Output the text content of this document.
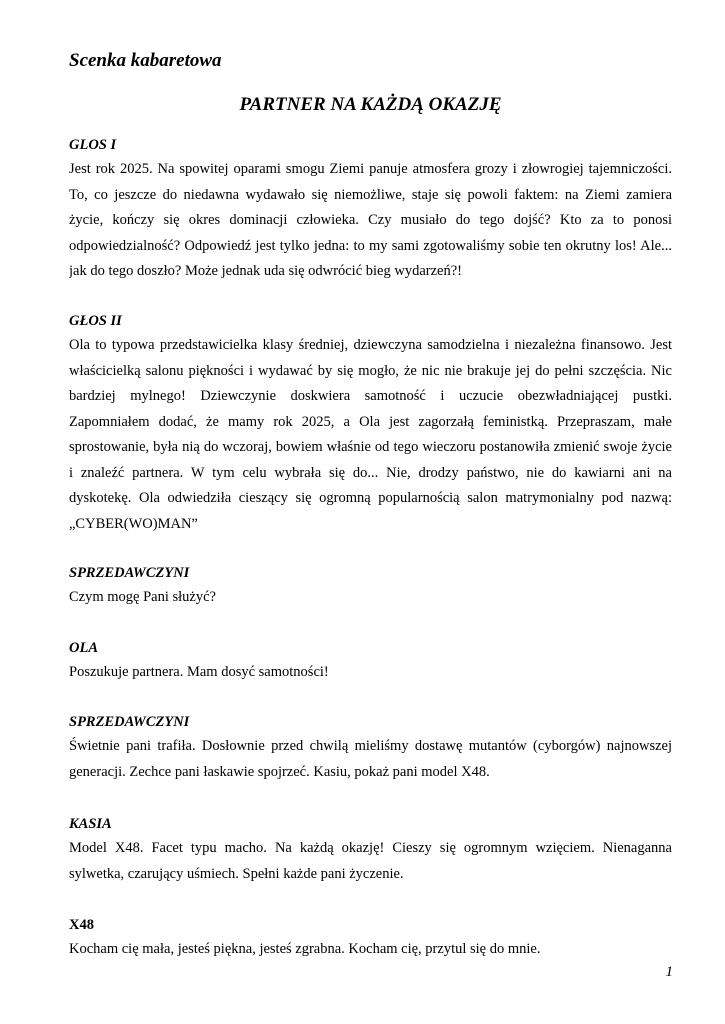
Scenka kabaretowa
PARTNER NA KAŻDĄ OKAZJĘ

GLOS I

Jest rok 2025. Na spowitej oparami smogu Ziemi panuje atmosfera grozy i złowrogiej tajemniczości.
To, co jeszcze do niedawna wydawało się niemożliwe, staje się powoli faktem: na Ziemi zamiera
życie, kończy się okres dominacji człowieka. Czy musiało do tego dojść? Kto za to ponosi
odpowiedzialność? Odpowiedź jest tylko jedna: to my sami zgotowaliśmy sobie ten okrutny los! Ale...
jak do tego doszło? Może jednak uda się odwrócić bieg wydarzeń?!

GŁOS II

Ola to typowa przedstawicielka klasy średniej, dziewczyna samodzielna i niezależna finansowo. Jest
właścicielką salonu piękności i wydawać by się mogło, że nic nie brakuje jej do pełni szczęścia. Nic
bardziej mylnego! Dziewczynie doskwiera samotność i uczucie obezwładniającej pustki.
Zapomniałem dodać, że mamy rok 2025, a Ola jest zagorzałą feministką. Przepraszam, małe
sprostowanie, była nią do wczoraj, bowiem właśnie od tego wieczoru postanowiła zmienić swoje życie
i znaleźć partnera. W tym celu wybrała się do... Nie, drodzy państwo, nie do kawiarni ani na
dyskotekę. Ola odwiedziła cieszący się ogromną popularnością salon matrymonialny pod nazwą:
„CYBER(WO)MAN”

SPRZEDAWCZYNI

Czym mogę Pani służyć?

OLA

Poszukuje partnera. Mam dosyć samotności!

SPRZEDAWCZYNI

Świetnie pani trafiła. Dosłownie przed chwilą mieliśmy dostawę mutantów (cyborgów) najnowszej
generacji. Zechce pani łaskawie spojrzeć. Kasiu, pokaż pani model X48.

KASIA

Model X48. Facet typu macho. Na każdą okazję! Cieszy się ogromnym wzięciem. Nienaganna
sylwetka, czarujący uśmiech. Spełni każde pani życzenie.

X48

Kocham cię mała, jesteś piękna, jesteś zgrabna. Kocham cię, przytul się do mnie.

1
